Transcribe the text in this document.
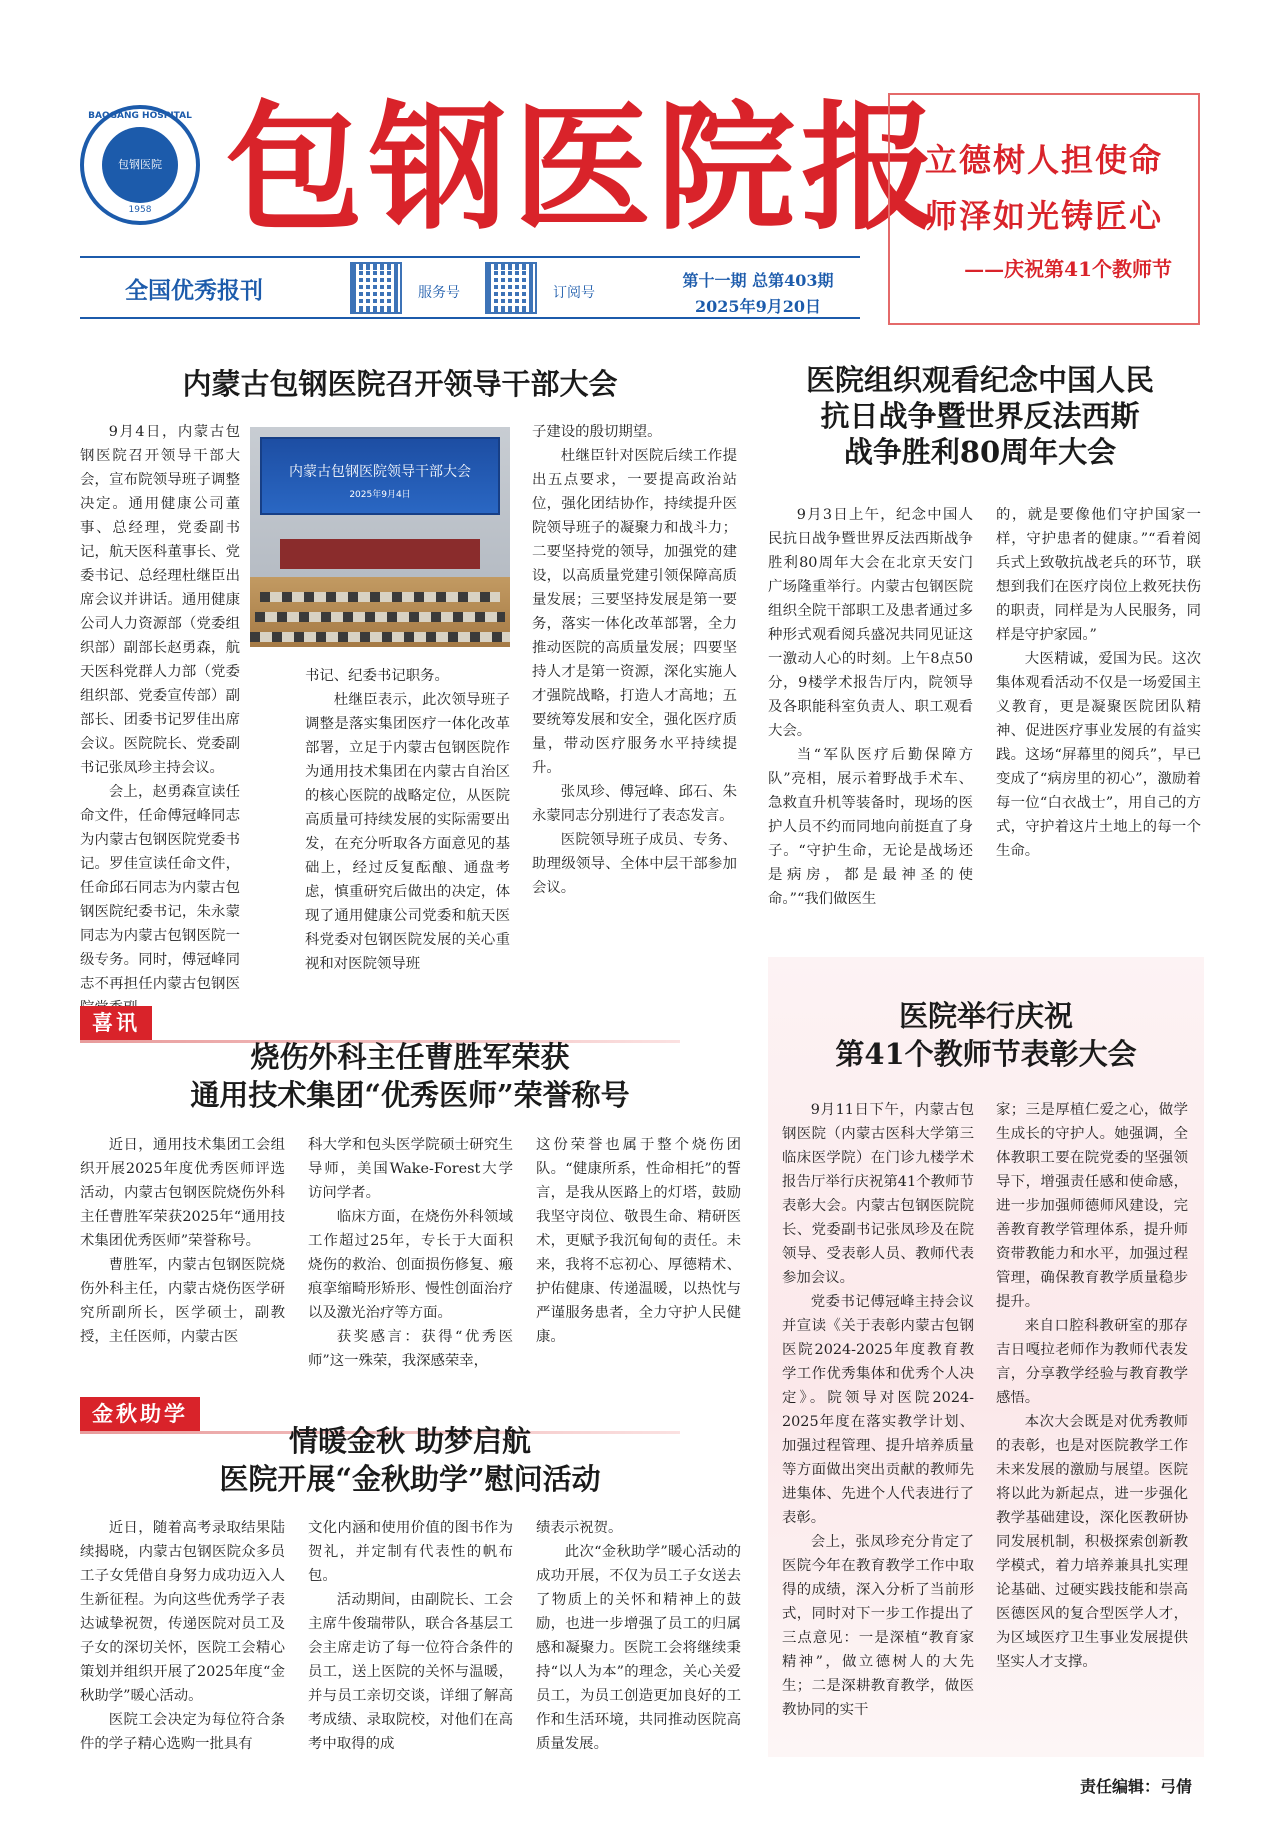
BAOGANG HOSPITAL
包钢医院
1958 包钢医院报
全国优秀报刊	服务号	订阅号
第十一期 总第403期
2025年9月20日
立德树人担使命
师泽如光铸匠心
——庆祝第41个教师节
内蒙古包钢医院召开领导干部大会
内蒙古包钢医院领导干部大会
2025年9月4日

9月4日，内蒙古包钢医院召开领导干部大会，宣布院领导班子调整决定。通用健康公司董事、总经理，党委副书记，航天医科董事长、党委书记、总经理杜继臣出席会议并讲话。通用健康公司人力资源部（党委组织部）副部长赵勇森，航天医科党群人力部（党委组织部、党委宣传部）副部长、团委书记罗佳出席会议。医院院长、党委副书记张凤珍主持会议。

会上，赵勇森宣读任命文件，任命傅冠峰同志为内蒙古包钢医院党委书记。罗佳宣读任命文件，任命邱石同志为内蒙古包钢医院纪委书记，朱永蒙同志为内蒙古包钢医院一级专务。同时，傅冠峰同志不再担任内蒙古包钢医

书记、纪委书记职务。

杜继臣表示，此次领导班子调整是落实集团医疗一体化改革部署，立足于内蒙古包钢医院作为通用技术集团在内蒙古自治区的核心医院的战略定位，从医院高质量可持续发展的实际需要出发，在充分听取各方面意见的基础上，经过反复酝酿、通盘考虑，慎重研究后做出的决定，体现了通用健康公司党委和航天医科党委对包钢医院发展的关心重视和对医院领导班

子建设的殷切期望。

杜继臣针对医院后续工作提出五点要求，一要提高政治站位，强化团结协作，持续提升医院领导班子的凝聚力和战斗力；二要坚持党的领导，加强党的建设，以高质量党建引领保障高质量发展；三要坚持发展是第一要务，落实一体化改革部署，全力推动医院的高质量发展；四要坚持人才是第一资源，深化实施人才强院战略，打造人才高地；五要统筹发展和安全，强化医疗质量，带动医疗服务水平持续提升。

张凤珍、傅冠峰、邱石、朱永蒙同志分别进行了表态发言。

医院领导班子成员、专务、助理级领导、全体中层干部参加会议。

医院组织观看纪念中国人民
抗日战争暨世界反法西斯
战争胜利80周年大会

9月3日上午，纪念中国人民抗日战争暨世界反法西斯战争胜利80周年大会在北京天安门广场隆重举行。内蒙古包钢医院组织全院干部职工及患者通过多种形式观看阅兵盛况共同见证这一激动人心的时刻。上午8点50分，9楼学术报告厅内，院领导及各职能科室负责人、职工观看大会。

当“军队医疗后勤保障方队”亮相，展示着野战手术车、急救直升机等装备时，现场的医护人员不约而同地向前挺直了身子。“守护生命，无论是战场还是病房，都是最神圣的使命。”“我们做医生

的，就是要像他们守护国家一样，守护患者的健康。”“看着阅兵式上致敬抗战老兵的环节，联想到我们在医疗岗位上救死扶伤的职责，同样是为人民服务，同样是守护家园。”

大医精诚，爱国为民。这次集体观看活动不仅是一场爱国主义教育，更是凝聚医院团队精神、促进医疗事业发展的有益实践。这场“屏幕里的阅兵”，早已变成了“病房里的初心”，激励着每一位“白衣战士”，用自己的方式，守护着这片土地上的每一个生命。

喜讯
烧伤外科主任曹胜军荣获
通用技术集团“优秀医师”荣誉称号

近日，通用技术集团工会组织开展2025年度优秀医师评选活动，内蒙古包钢医院烧伤外科主任曹胜军荣获2025年“通用技术集团优秀医师”荣誉称号。

曹胜军，内蒙古包钢医院烧伤外科主任，内蒙古烧伤医学研究所副所长，医学硕士，副教授，主任医师，内蒙古医

科大学和包头医学院硕士研究生导师，美国Wake-Forest大学访问学者。

临床方面，在烧伤外科领域工作超过25年，专长于大面积烧伤的救治、创面损伤修复、瘢痕挛缩畸形矫形、慢性创面治疗以及激光治疗等方面。

获奖感言：获得“优秀医师”这一殊荣，我深感荣幸，

这份荣誉也属于整个烧伤团队。“健康所系，性命相托”的誓言，是我从医路上的灯塔，鼓励我坚守岗位、敬畏生命、精研医术，更赋予我沉甸甸的责任。未来，我将不忘初心、厚德精术、护佑健康、传递温暖，以热忱与严谨服务患者，全力守护人民健康。

金秋助学
情暖金秋 助梦启航
医院开展“金秋助学”慰问活动

近日，随着高考录取结果陆续揭晓，内蒙古包钢医院众多员工子女凭借自身努力成功迈入人生新征程。为向这些优秀学子表达诚挚祝贺，传递医院对员工及子女的深切关怀，医院工会精心策划并组织开展了2025年度“金秋助学”暖心活动。

医院工会决定为每位符合条件的学子精心选购一批具有

文化内涵和使用价值的图书作为贺礼，并定制有代表性的帆布包。

活动期间，由副院长、工会主席牛俊瑞带队，联合各基层工会主席走访了每一位符合条件的员工，送上医院的关怀与温暖，并与员工亲切交谈，详细了解高考成绩、录取院校，对他们在高考中取得的成

绩表示祝贺。

此次“金秋助学”暖心活动的成功开展，不仅为员工子女送去了物质上的关怀和精神上的鼓励，也进一步增强了员工的归属感和凝聚力。医院工会将继续秉持“以人为本”的理念，关心关爱员工，为员工创造更加良好的工作和生活环境，共同推动医院高质量发展。

医院举行庆祝
第41个教师节表彰大会

9月11日下午，内蒙古包钢医院（内蒙古医科大学第三临床医学院）在门诊九楼学术报告厅举行庆祝第41个教师节表彰大会。内蒙古包钢医院院长、党委副书记张凤珍及在院领导、受表彰人员、教师代表参加会议。

党委书记傅冠峰主持会议并宣读《关于表彰内蒙古包钢医院2024-2025年度教育教学工作优秀集体和优秀个人决定》。院领导对医院2024-2025年度在落实教学计划、加强过程管理、提升培养质量等方面做出突出贡献的教师先进集体、先进个人代表进行了表彰。

会上，张凤珍充分肯定了医院今年在教育教学工作中取得的成绩，深入分析了当前形式，同时对下一步工作提出了三点意见：一是深植“教育家精神”，做立德树人的大先生；二是深耕教育教学，做医教协同的实干

家；三是厚植仁爱之心，做学生成长的守护人。她强调，全体教职工要在院党委的坚强领导下，增强责任感和使命感，进一步加强师德师风建设，完善教育教学管理体系，提升师资带教能力和水平，加强过程管理，确保教育教学质量稳步提升。

来自口腔科教研室的那存吉日嘎拉老师作为教师代表发言，分享教学经验与教育教学感悟。

本次大会既是对优秀教师的表彰，也是对医院教学工作未来发展的激励与展望。医院将以此为新起点，进一步强化教学基础建设，深化医教研协同发展机制，积极探索创新教学模式，着力培养兼具扎实理论基础、过硬实践技能和崇高医德医风的复合型医学人才，为区域医疗卫生事业发展提供坚实人才支撑。

责任编辑：弓倩
